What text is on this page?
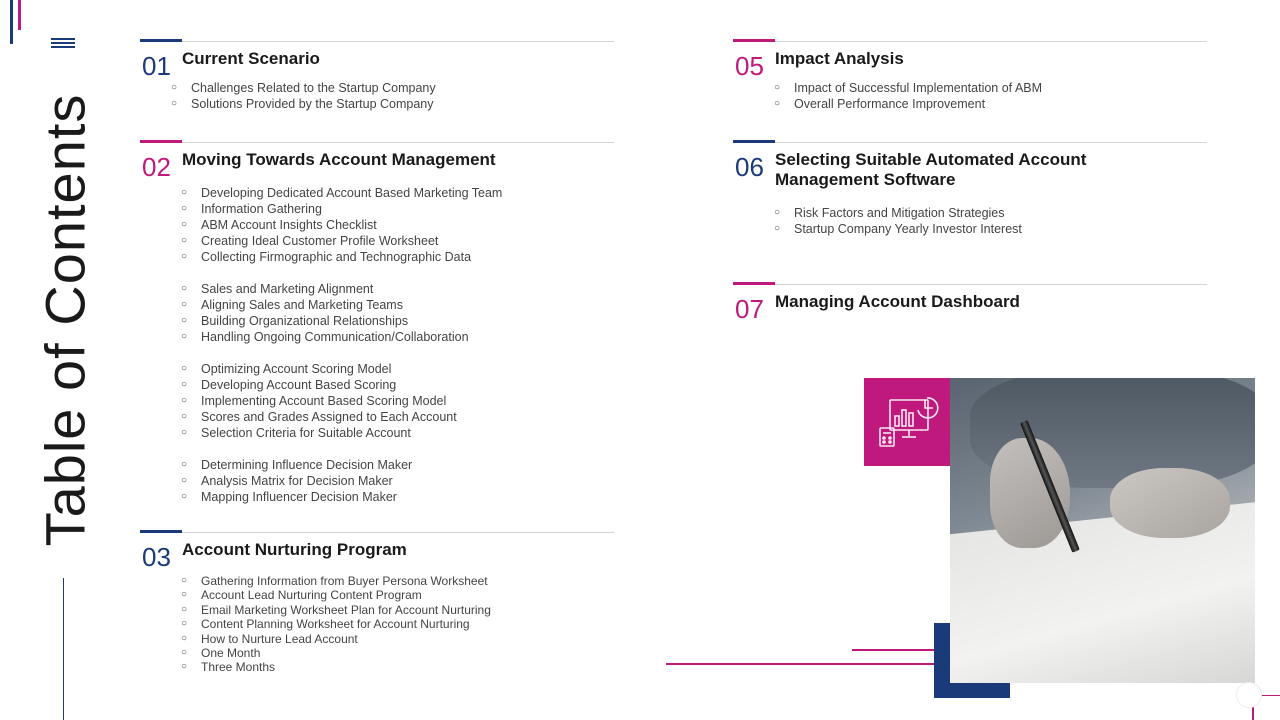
Table of Contents
01 Current Scenario
○ Challenges Related to the Startup Company
○ Solutions Provided by the Startup Company
02 Moving Towards Account Management
○ Developing Dedicated Account Based Marketing Team
○ Information Gathering
○ ABM Account Insights Checklist
○ Creating Ideal Customer Profile Worksheet
○ Collecting Firmographic and Technographic Data
○ Sales and Marketing Alignment
○ Aligning Sales and Marketing Teams
○ Building Organizational Relationships
○ Handling Ongoing Communication/Collaboration
○ Optimizing Account Scoring Model
○ Developing Account Based Scoring
○ Implementing Account Based Scoring Model
○ Scores and Grades Assigned to Each Account
○ Selection Criteria for Suitable Account
○ Determining Influence Decision Maker
○ Analysis Matrix for Decision Maker
○ Mapping Influencer Decision Maker
03 Account Nurturing Program
○ Gathering Information from Buyer Persona Worksheet
○ Account Lead Nurturing Content Program
○ Email Marketing Worksheet Plan for Account Nurturing
○ Content Planning Worksheet for Account Nurturing
○ How to Nurture Lead Account
○ One Month
○ Three Months
05 Impact Analysis
○ Impact of Successful Implementation of ABM
○ Overall Performance Improvement
06 Selecting Suitable Automated Account Management Software
○ Risk Factors and Mitigation Strategies
○ Startup Company Yearly Investor Interest
07 Managing Account Dashboard
